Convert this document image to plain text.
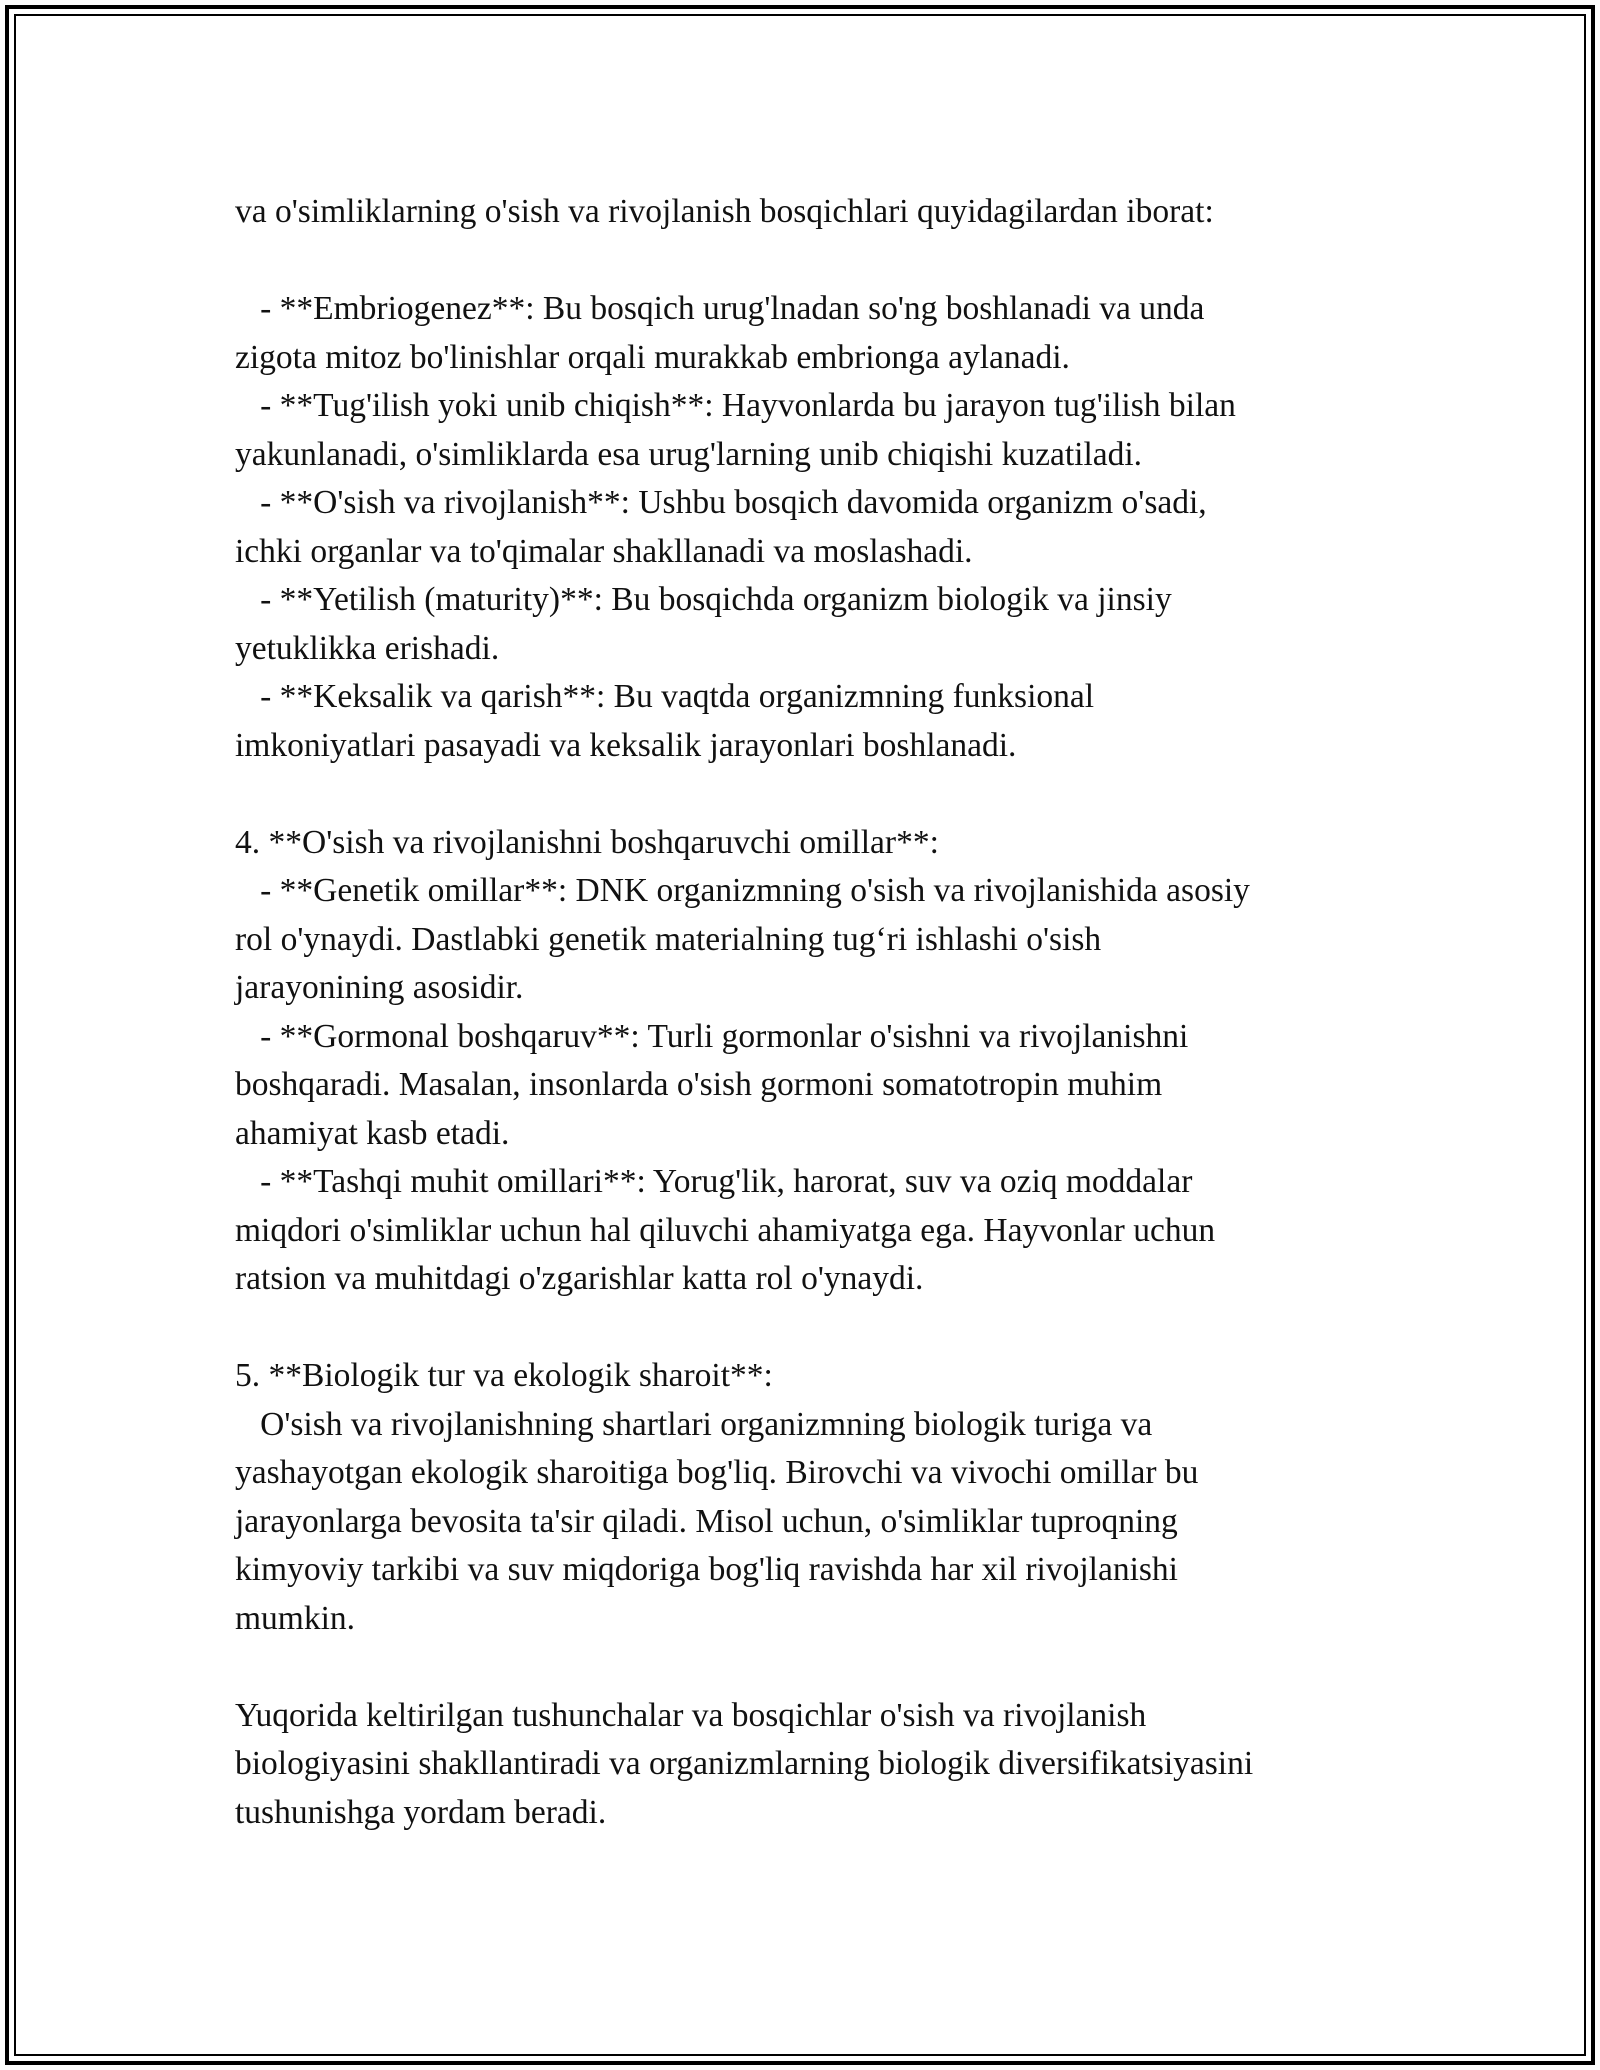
va o'simliklarning o'sish va rivojlanish bosqichlari quyidagilardan iborat:
- **Embriogenez**: Bu bosqich urug'lnadan so'ng boshlanadi va unda
zigota mitoz bo'linishlar orqali murakkab embrionga aylanadi.
- **Tug'ilish yoki unib chiqish**: Hayvonlarda bu jarayon tug'ilish bilan
yakunlanadi, o'simliklarda esa urug'larning unib chiqishi kuzatiladi.
- **O'sish va rivojlanish**: Ushbu bosqich davomida organizm o'sadi,
ichki organlar va to'qimalar shakllanadi va moslashadi.
- **Yetilish (maturity)**: Bu bosqichda organizm biologik va jinsiy
yetuklikka erishadi.
- **Keksalik va qarish**: Bu vaqtda organizmning funksional
imkoniyatlari pasayadi va keksalik jarayonlari boshlanadi.
4. **O'sish va rivojlanishni boshqaruvchi omillar**:
- **Genetik omillar**: DNK organizmning o'sish va rivojlanishida asosiy
rol o'ynaydi. Dastlabki genetik materialning tug‘ri ishlashi o'sish
jarayonining asosidir.
- **Gormonal boshqaruv**: Turli gormonlar o'sishni va rivojlanishni
boshqaradi. Masalan, insonlarda o'sish gormoni somatotropin muhim
ahamiyat kasb etadi.
- **Tashqi muhit omillari**: Yorug'lik, harorat, suv va oziq moddalar
miqdori o'simliklar uchun hal qiluvchi ahamiyatga ega. Hayvonlar uchun
ratsion va muhitdagi o'zgarishlar katta rol o'ynaydi.
5. **Biologik tur va ekologik sharoit**:
O'sish va rivojlanishning shartlari organizmning biologik turiga va
yashayotgan ekologik sharoitiga bog'liq. Birovchi va vivochi omillar bu
jarayonlarga bevosita ta'sir qiladi. Misol uchun, o'simliklar tuproqning
kimyoviy tarkibi va suv miqdoriga bog'liq ravishda har xil rivojlanishi
mumkin.
Yuqorida keltirilgan tushunchalar va bosqichlar o'sish va rivojlanish
biologiyasini shakllantiradi va organizmlarning biologik diversifikatsiyasini
tushunishga yordam beradi.
